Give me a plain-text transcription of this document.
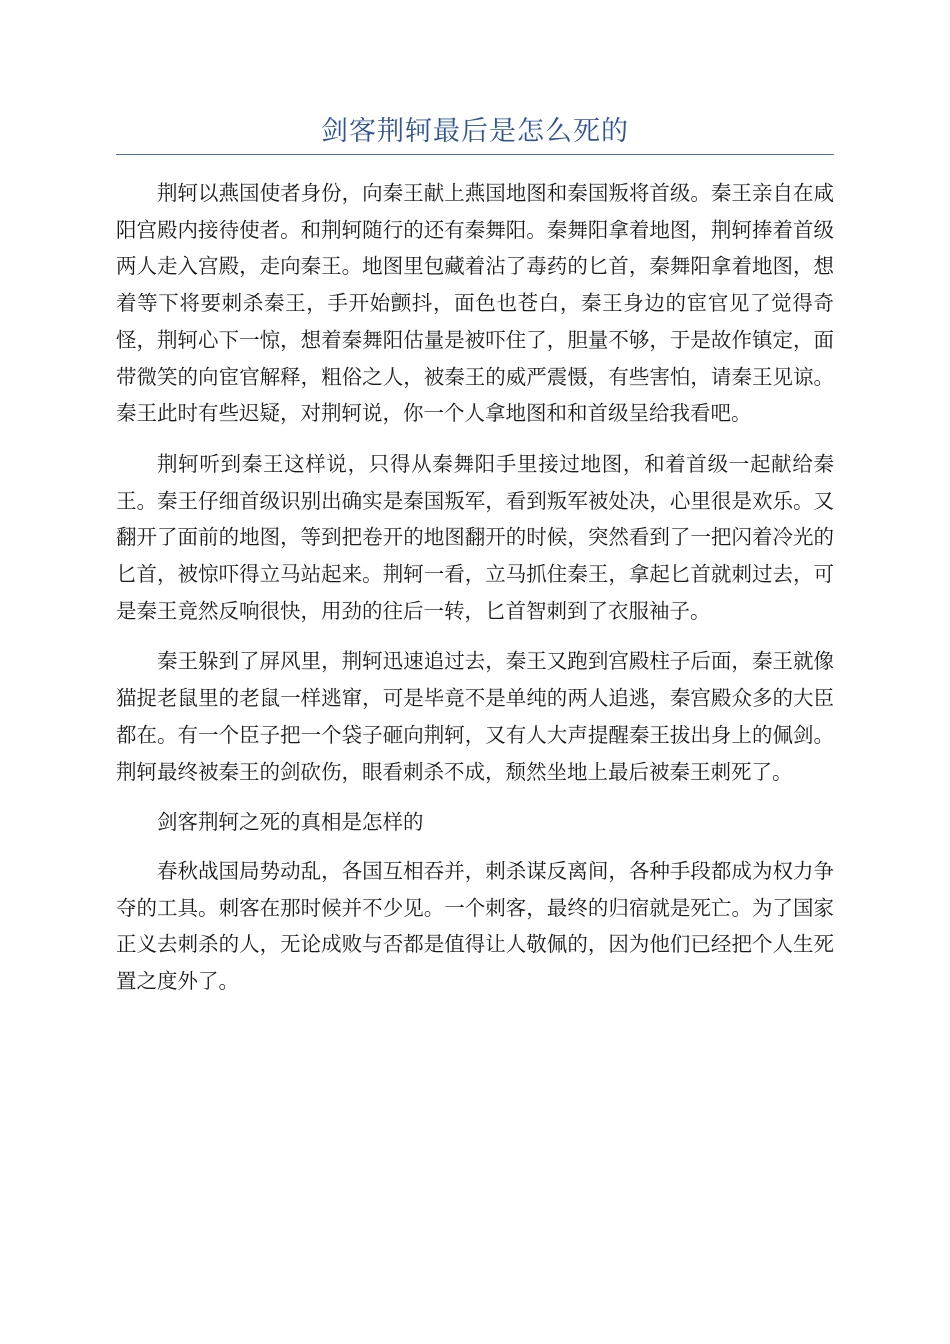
剑客荆轲最后是怎么死的

荆轲以燕国使者身份，向秦王献上燕国地图和秦国叛将首级。秦王亲自在咸阳宫殿内接待使者。和荆轲随行的还有秦舞阳。秦舞阳拿着地图，荆轲捧着首级两人走入宫殿，走向秦王。地图里包藏着沾了毒药的匕首，秦舞阳拿着地图，想着等下将要刺杀秦王，手开始颤抖，面色也苍白，秦王身边的宦官见了觉得奇怪，荆轲心下一惊，想着秦舞阳估量是被吓住了，胆量不够，于是故作镇定，面带微笑的向宦官解释，粗俗之人，被秦王的威严震慑，有些害怕，请秦王见谅。秦王此时有些迟疑，对荆轲说，你一个人拿地图和和首级呈给我看吧。

荆轲听到秦王这样说，只得从秦舞阳手里接过地图，和着首级一起献给秦王。秦王仔细首级识别出确实是秦国叛军，看到叛军被处决，心里很是欢乐。又翻开了面前的地图，等到把卷开的地图翻开的时候，突然看到了一把闪着冷光的匕首，被惊吓得立马站起来。荆轲一看，立马抓住秦王，拿起匕首就刺过去，可是秦王竟然反响很快，用劲的往后一转，匕首智刺到了衣服袖子。

秦王躲到了屏风里，荆轲迅速追过去，秦王又跑到宫殿柱子后面，秦王就像猫捉老鼠里的老鼠一样逃窜，可是毕竟不是单纯的两人追逃，秦宫殿众多的大臣都在。有一个臣子把一个袋子砸向荆轲，又有人大声提醒秦王拔出身上的佩剑。荆轲最终被秦王的剑砍伤，眼看刺杀不成，颓然坐地上最后被秦王刺死了。

剑客荆轲之死的真相是怎样的

春秋战国局势动乱，各国互相吞并，刺杀谋反离间，各种手段都成为权力争夺的工具。刺客在那时候并不少见。一个刺客，最终的归宿就是死亡。为了国家正义去刺杀的人，无论成败与否都是值得让人敬佩的，因为他们已经把个人生死置之度外了。
